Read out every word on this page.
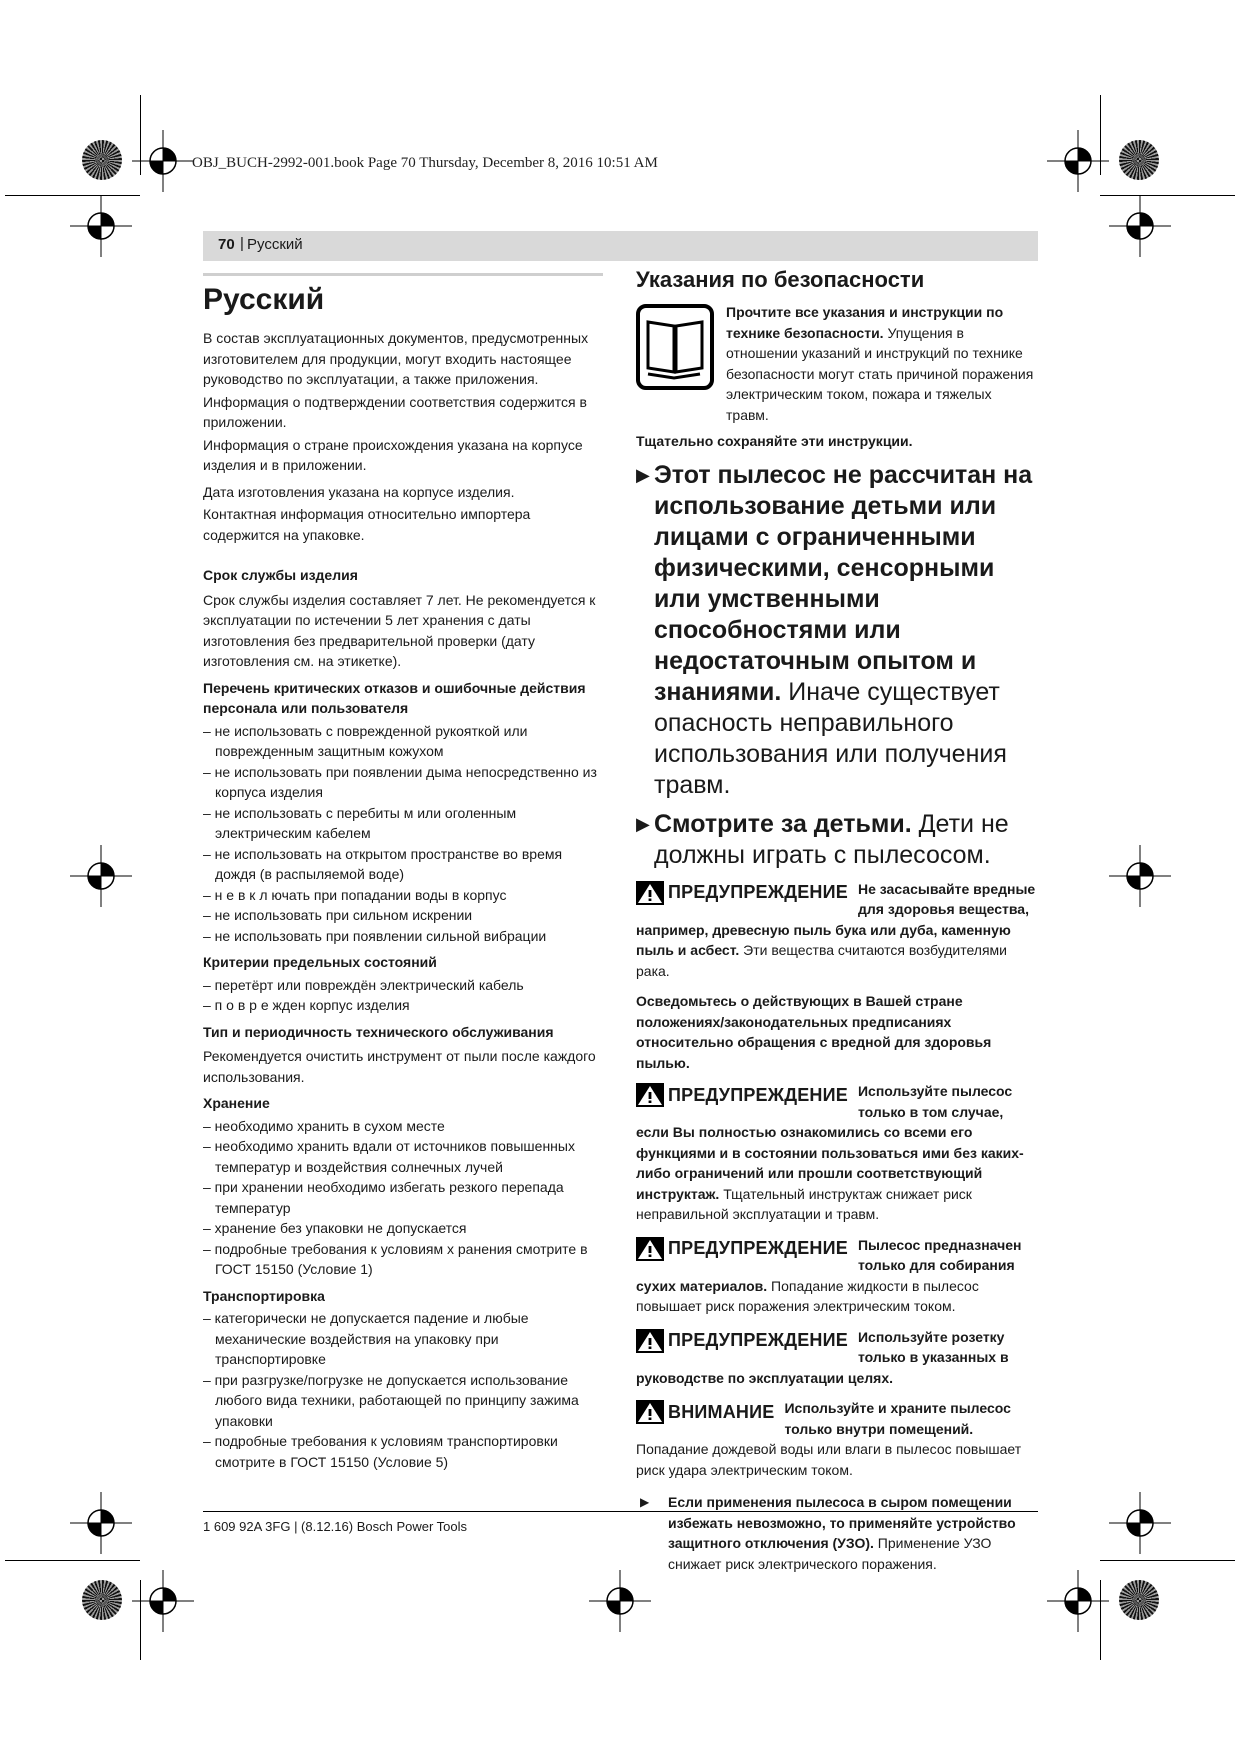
OBJ_BUCH-2992-001.book Page 70 Thursday, December 8, 2016 10:51 AM
70 | Русский
Русский

В состав эксплуатационных документов, предусмотренных изготовителем для продукции, могут входить настоящее руководство по эксплуатации, а также приложения.

Информация о подтверждении соответствия содержится в приложении.

Информация о стране происхождения указана на корпусе изделия и в приложении.

Дата изготовления указана на корпусе изделия.

Контактная информация относительно импортера содержится на упаковке.

Срок службы изделия

Срок службы изделия составляет 7 лет. Не рекомендуется к эксплуатации по истечении 5 лет хранения с даты изготовления без предварительной проверки (дату изготовления см. на этикетке).

Перечень критических отказов и ошибочные действия персонала или пользователя

– не использовать с поврежденной рукояткой или поврежденным защитным кожухом
– не использовать при появлении дыма непосредственно из корпуса изделия
– не использовать с перебиты м или оголенным электрическим кабелем
– не использовать на открытом пространстве во время дождя (в распыляемой воде)
– н е в к л ючать при попадании воды в корпус
– не использовать при сильном искрении
– не использовать при появлении сильной вибрации

Критерии предельных состояний

– перетёрт или повреждён электрический кабель
– п о в р е жден корпус изделия

Тип и периодичность технического обслуживания

Рекомендуется очистить инструмент от пыли после каждого использования.

Хранение

– необходимо хранить в сухом месте
– необходимо хранить вдали от источников повышенных температур и воздействия солнечных лучей
– при хранении необходимо избегать резкого перепада температур
– хранение без упаковки не допускается
– подробные требования к условиям х ранения смотрите в ГОСТ 15150 (Условие 1)

Транспортировка

– категорически не допускается падение и любые механические воздействия на упаковку при транспортировке
– при разгрузке/погрузке не допускается использование любого вида техники, работающей по принципу зажима упаковки
– подробные требования к условиям транспортировки смотрите в ГОСТ 15150 (Условие 5)
Указания по безопасности

Прочтите все указания и инструкции по технике безопасности. Упущения в отношении указаний и инструкций по технике безопасности могут стать причиной поражения электрическим током, пожара и тяжелых травм.

Тщательно сохраняйте эти инструкции.

▶ Этот пылесос не рассчитан на использование детьми или лицами с ограниченными физическими, сенсорными или умственными способностями или недостаточным опытом и знаниями. Иначе существует опасность неправильного использования или получения травм.
▶ Смотрите за детьми. Дети не должны играть с пылесосом.

ПРЕДУПРЕЖДЕНИЕ Не засасывайте вредные для здоровья вещества, например, древесную пыль бука или дуба, каменную пыль и асбест. Эти вещества считаются возбудителями рака.

Осведомьтесь о действующих в Вашей стране положениях/законодательных предписаниях относительно обращения с вредной для здоровья пылью.

ПРЕДУПРЕЖДЕНИЕ Используйте пылесос только в том случае, если Вы полностью ознакомились со всеми его функциями и в состоянии пользоваться ими без каких-либо ограничений или прошли соответствующий инструктаж. Тщательный инструктаж снижает риск неправильной эксплуатации и травм.

ПРЕДУПРЕЖДЕНИЕ Пылесос предназначен только для собирания сухих материалов. Попадание жидкости в пылесос повышает риск поражения электрическим током.

ПРЕДУПРЕЖДЕНИЕ Используйте розетку только в указанных в руководстве по эксплуатации целях.

ВНИМАНИЕ Используйте и храните пылесос только внутри помещений. Попадание дождевой воды или влаги в пылесос повышает риск удара электрическим током.

▶	Если применения пылесоса в сыром помещении избежать невозможно, то применяйте устройство защитного отключения (УЗО). Применение УЗО снижает риск электрического поражения.

1 609 92A 3FG | (8.12.16) Bosch Power Tools
